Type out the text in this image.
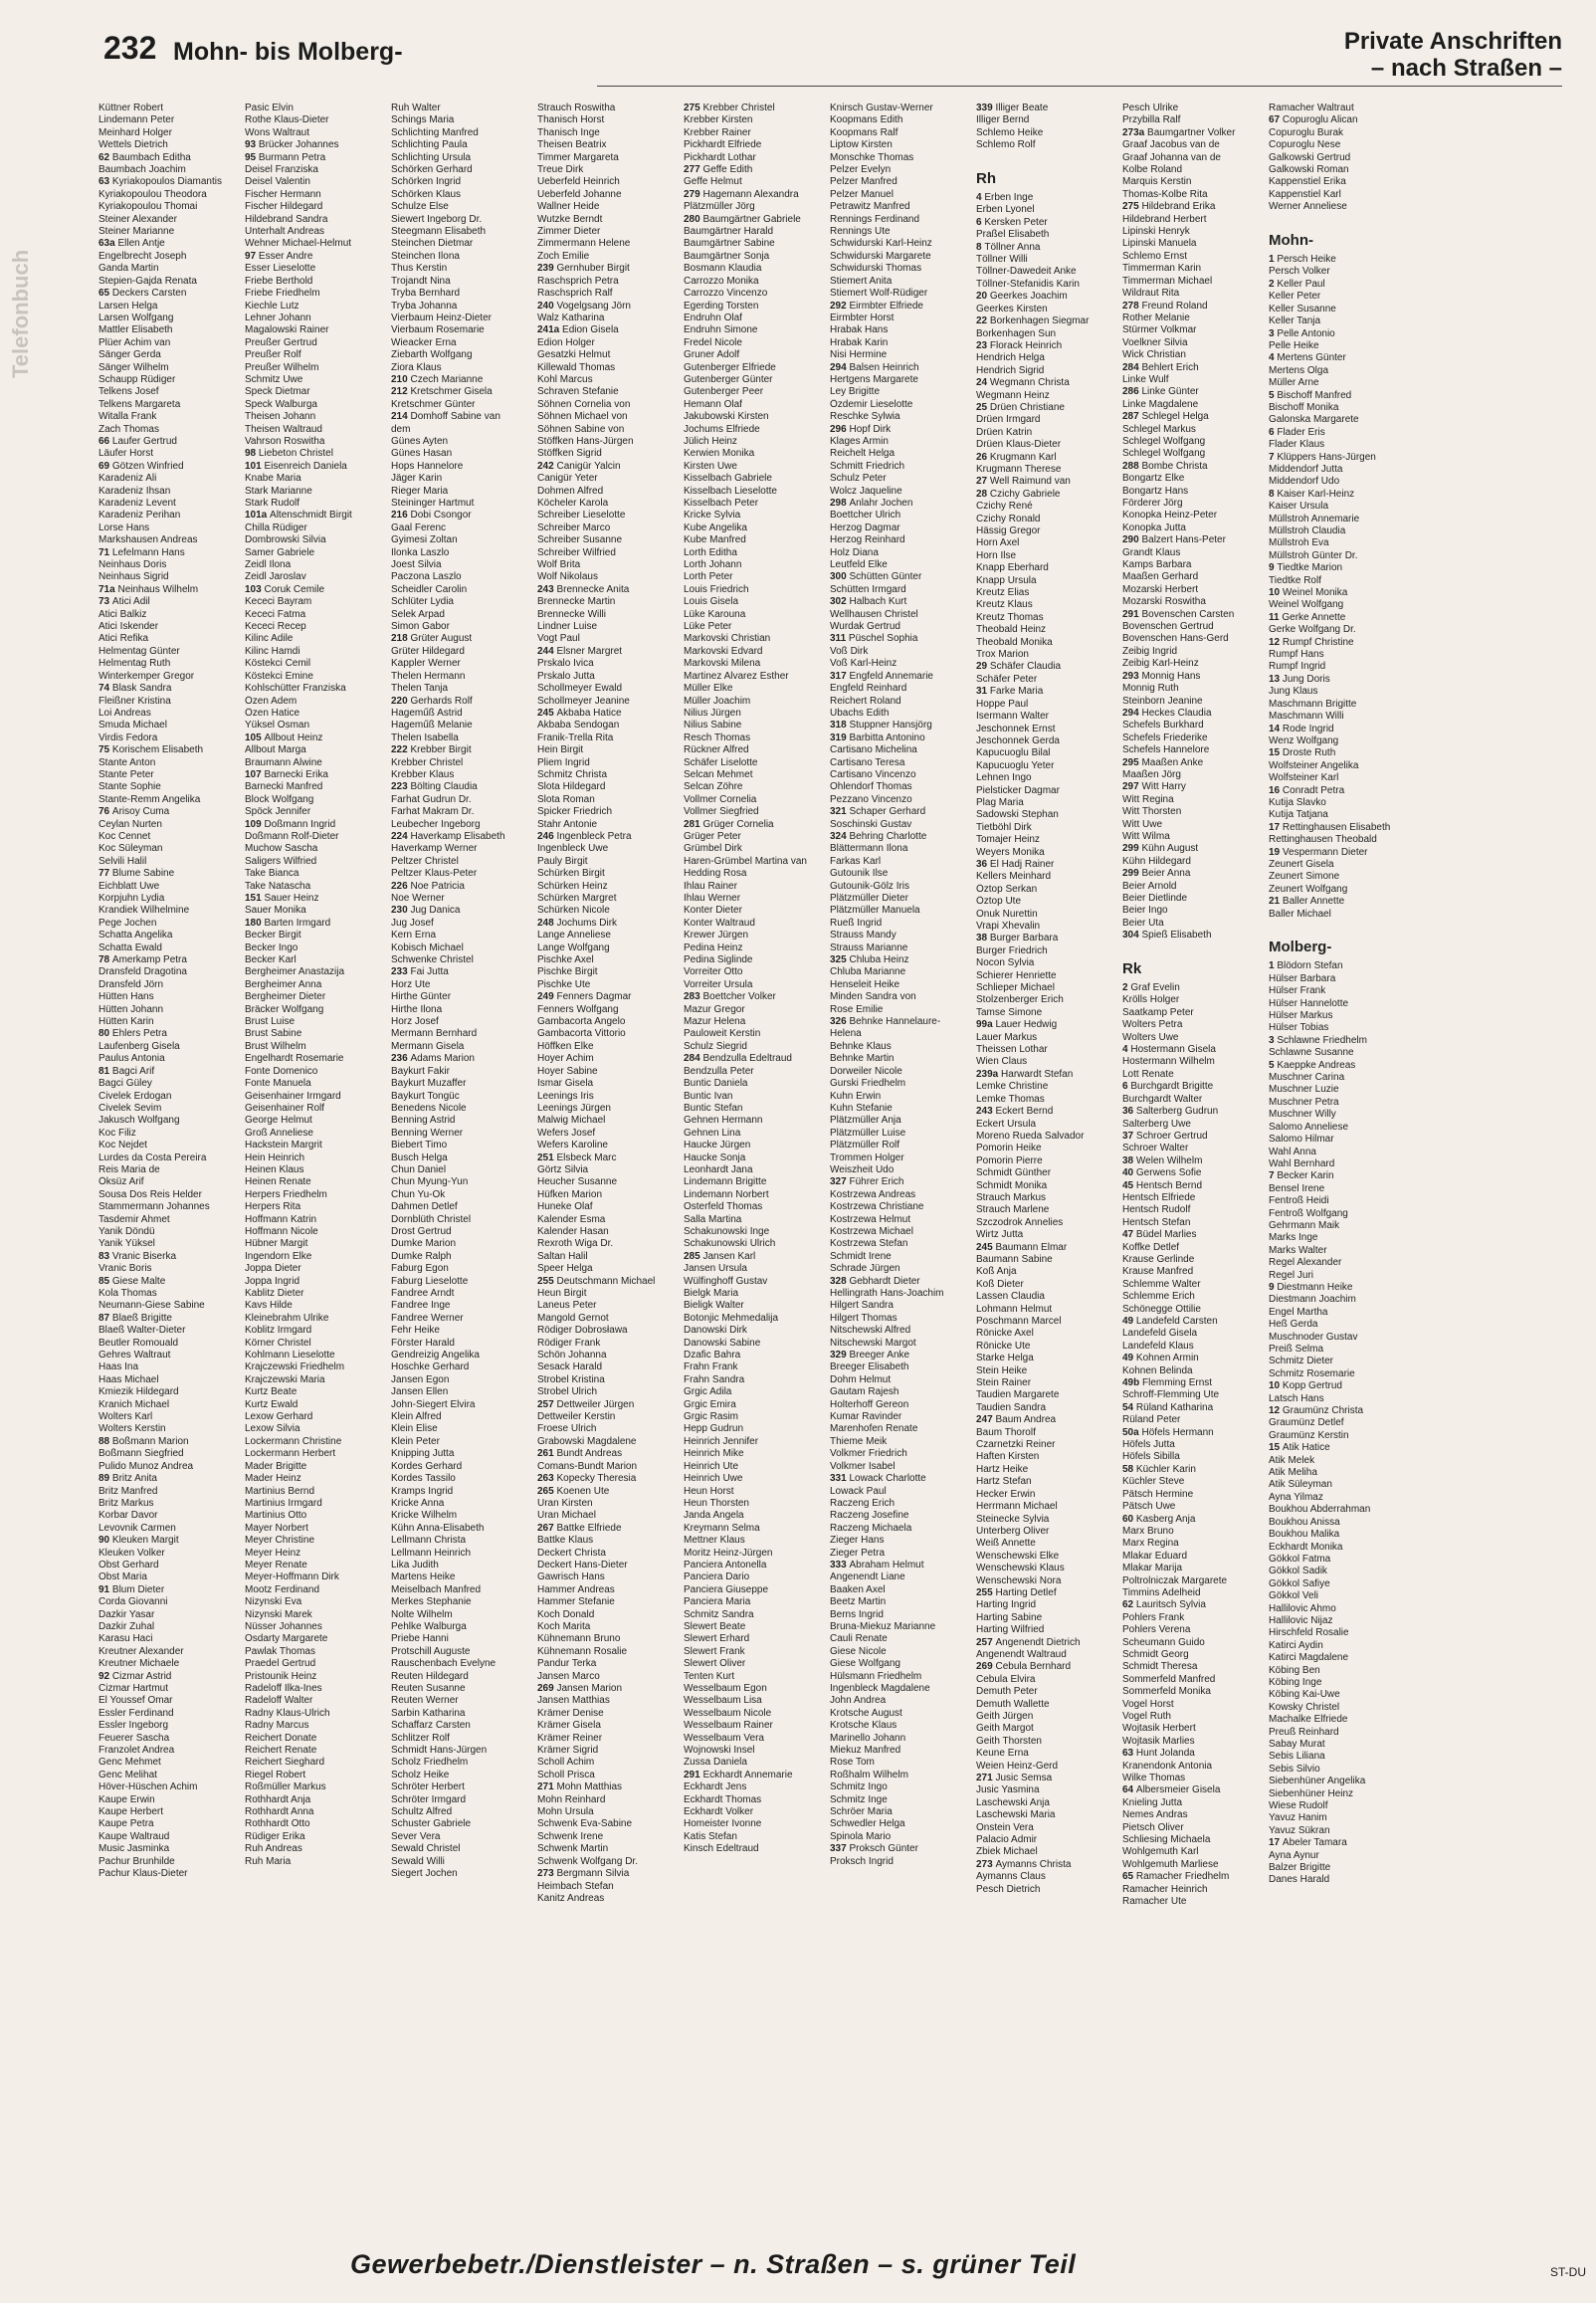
232 Mohn- bis Molberg-	Private Anschriften
– nach Straßen –
Telefonbuch
Küttner Robert
Lindemann Peter
Meinhard Holger
Wettels Dietrich
62 Baumbach Editha
Baumbach Joachim
63 Kyriakopoulos Diamantis
Kyriakopoulou Theodora
Kyriakopoulou Thomai
Steiner Alexander
Steiner Marianne
63a Ellen Antje
Engelbrecht Joseph
Ganda Martin
Stepien-Gajda Renata
65 Deckers Carsten
Larsen Helga
Larsen Wolfgang
Mattler Elisabeth
Plüer Achim van
Sänger Gerda
Sänger Wilhelm
Schaupp Rüdiger
Telkens Josef
Telkens Margareta
Witalla Frank
Zach Thomas
66 Laufer Gertrud
Läufer Horst
69 Götzen Winfried
Karadeniz Ali
Karadeniz Ihsan
Karadeniz Levent
Karadeniz Perihan
Lorse Hans
Markshausen Andreas
71 Lefelmann Hans
Neinhaus Doris
Neinhaus Sigrid
71a Neinhaus Wilhelm
73 Atici Adil
Atici Balkiz
Atici Iskender
Atici Refika
Helmentag Günter
Helmentag Ruth
Winterkemper Gregor
74 Blask Sandra
Fleißner Kristina
Loi Andreas
Smuda Michael
Virdis Fedora
75 Korischem Elisabeth
Stante Anton
Stante Peter
Stante Sophie
Stante-Remm Angelika
76 Arisoy Cuma
Ceylan Nurten
Koc Cennet
Koc Süleyman
Selvili Halil
77 Blume Sabine
Eichblatt Uwe
Korpjuhn Lydia
Krandiek Wilhelmine
Pege Jochen
Schatta Angelika
Schatta Ewald
78 Amerkamp Petra
Dransfeld Dragotina
Dransfeld Jörn
Hütten Hans
Hütten Johann
Hütten Karin
80 Ehlers Petra
Laufenberg Gisela
Paulus Antonia
81 Bagci Arif
Bagci Güley
Civelek Erdogan
Civelek Sevim
Jakusch Wolfgang
Koc Filiz
Koc Nejdet
Lurdes da Costa Pereira
Reis Maria de
Öksüz Arif
Sousa Dos Reis Helder
Stammermann Johannes
Tasdemir Ahmet
Yanik Döndü
Yanik Yüksel
83 Vranic Biserka
Vranic Boris
85 Giese Malte
Kola Thomas
Neumann-Giese Sabine
87 Blaeß Brigitte
Blaeß Walter-Dieter
Beutler Romouald
Gehres Waltraut
Haas Ina
Haas Michael
Kmiezik Hildegard
Kranich Michael
Wolters Karl
Wolters Kerstin
88 Boßmann Marion
Boßmann Siegfried
Pulido Munoz Andrea
89 Britz Anita
Britz Manfred
Britz Markus
Korbar Davor
Levovnik Carmen
90 Kleuken Margit
Kleuken Volker
Obst Gerhard
Obst Maria
91 Blum Dieter
Corda Giovanni
Dazkir Yasar
Dazkir Zuhal
Karasu Haci
Kreutner Alexander
Kreutner Michaele
92 Cizmar Astrid
Cizmar Hartmut
El Youssef Omar
Essler Ferdinand
Essler Ingeborg
Feuerer Sascha
Franzolet Andrea
Genc Mehmet
Genc Melihat
Höver-Hüschen Achim
Kaupe Erwin
Kaupe Herbert
Kaupe Petra
Kaupe Waltraud
Music Jasminka
Pachur Brunhilde
Pachur Klaus-Dieter
Pasic Elvin
Rothe Klaus-Dieter
Wons Waltraut
93 Brücker Johannes
95 Burmann Petra
Deisel Franziska
Deisel Valentin
Fischer Hermann
Fischer Hildegard
Hildebrand Sandra
Unterhalt Andreas
Wehner Michael-Helmut
97 Esser Andre
Esser Lieselotte
Friebe Berthold
Friebe Friedhelm
Kiechle Lutz
Lehner Johann
Magalowski Rainer
Preußer Gertrud
Preußer Rolf
Preußer Wilhelm
Schmitz Uwe
Speck Dietmar
Speck Walburga
Theisen Johann
Theisen Waltraud
Vahrson Roswitha
98 Liebeton Christel
101 Eisenreich Daniela
Knabe Maria
Stark Marianne
Stark Rudolf
101a Altenschmidt Birgit
Chilla Rüdiger
Dombrowski Silvia
Samer Gabriele
Zeidl Ilona
Zeidl Jaroslav
103 Coruk Cemile
Kececi Bayram
Kececi Fatma
Kececi Recep
Kilinc Adile
Kilinc Hamdi
Köstekci Cemil
Köstekci Emine
Kohlschütter Franziska
Özen Adem
Özen Hatice
Yüksel Osman
105 Allbout Heinz
Allbout Marga
Braumann Alwine
107 Barnecki Erika
Barnecki Manfred
Block Wolfgang
Spöck Jennifer
109 Doßmann Ingrid
Doßmann Rolf-Dieter
Muchow Sascha
Saligers Wilfried
Take Bianca
Take Natascha
151 Sauer Heinz
Sauer Monika
180 Barten Irmgard
Becker Birgit
Becker Ingo
Becker Karl
Bergheimer Anastazija
Bergheimer Anna
Bergheimer Dieter
Bräcker Wolfgang
Brust Luise
Brust Sabine
Brust Wilhelm
Engelhardt Rosemarie
Fonte Domenico
Fonte Manuela
Geisenhainer Irmgard
Geisenhainer Rolf
George Helmut
Groß Anneliese
Hackstein Margrit
Hein Heinrich
Heinen Klaus
Heinen Renate
Herpers Friedhelm
Herpers Rita
Hoffmann Katrin
Hoffmann Nicole
Hübner Margit
Ingendorn Elke
Joppa Dieter
Joppa Ingrid
Kablitz Dieter
Kavs Hilde
Kleinebrahm Ulrike
Koblitz Irmgard
Körner Christel
Kohlmann Lieselotte
Krajczewski Friedhelm
Krajczewski Maria
Kurtz Beate
Kurtz Ewald
Lexow Gerhard
Lexow Silvia
Lockermann Christine
Lockermann Herbert
Mader Brigitte
Mader Heinz
Martinius Bernd
Martinius Irmgard
Martinius Otto
Mayer Norbert
Meyer Christine
Meyer Heinz
Meyer Renate
Meyer-Hoffmann Dirk
Mootz Ferdinand
Nizynski Eva
Nizynski Marek
Nüsser Johannes
Osdarty Margarete
Pawlak Thomas
Praedel Gertrud
Pristounik Heinz
Radeloff Ilka-Ines
Radeloff Walter
Radny Klaus-Ulrich
Radny Marcus
Reichert Donate
Reichert Renate
Reichert Sieghard
Riegel Robert
Roßmüller Markus
Rothhardt Anja
Rothhardt Anna
Rothhardt Otto
Rüdiger Erika
Ruh Andreas
Ruh Maria
Ruh Walter
Schings Maria
Schlichting Manfred
Schlichting Paula
Schlichting Ursula
Schörken Gerhard
Schörken Ingrid
Schörken Klaus
Schulze Else
Siewert Ingeborg Dr.
Steegmann Elisabeth
Steinchen Dietmar
Steinchen Ilona
Thus Kerstin
Trojandt Nina
Tryba Bernhard
Tryba Johanna
Vierbaum Heinz-Dieter
Vierbaum Rosemarie
Wieacker Erna
Ziebarth Wolfgang
Ziora Klaus
210 Czech Marianne
212 Kretschmer Gisela
Kretschmer Günter
214 Domhoff Sabine van
dem
Günes Ayten
Günes Hasan
Hops Hannelore
Jäger Karin
Rieger Maria
Steininger Hartmut
216 Dobi Csongor
Gaal Ferenc
Gyimesi Zoltan
Ilonka Laszlo
Joest Silvia
Paczona Laszlo
Scheidler Carolin
Schlüter Lydia
Selek Arpad
Simon Gabor
218 Grüter August
Grüter Hildegard
Kappler Werner
Thelen Hermann
Thelen Tanja
220 Gerhards Rolf
Hageműß Astrid
Hageműß Melanie
Thelen Isabella
222 Krebber Birgit
Krebber Christel
Krebber Klaus
223 Bölting Claudia
Farhat Gudrun Dr.
Farhat Makram Dr.
Leubecher Ingeborg
224 Haverkamp Elisabeth
Haverkamp Werner
Peltzer Christel
Peltzer Klaus-Peter
226 Noe Patricia
Noe Werner
230 Jug Danica
Jug Josef
Kern Erna
Kobisch Michael
Schwenke Christel
233 Fai Jutta
Horz Ute
Hirthe Günter
Hirthe Ilona
Horz Josef
Mermann Bernhard
Mermann Gisela
236 Adams Marion
Baykurt Fakir
Baykurt Muzaffer
Baykurt Tongüc
Benedens Nicole
Benning Astrid
Benning Werner
Biebert Timo
Busch Helga
Chun Daniel
Chun Myung-Yun
Chun Yu-Ok
Dahmen Detlef
Dornblüth Christel
Drost Gertrud
Dumke Marion
Dumke Ralph
Faburg Egon
Faburg Lieselotte
Fandree Arndt
Fandree Inge
Fandree Werner
Fehr Heike
Förster Harald
Gendreizig Angelika
Hoschke Gerhard
Jansen Egon
Jansen Ellen
John-Siegert Elvira
Klein Alfred
Klein Elise
Klein Peter
Knipping Jutta
Kordes Gerhard
Kordes Tassilo
Kramps Ingrid
Kricke Anna
Kricke Wilhelm
Kühn Anna-Elisabeth
Lellmann Christa
Lellmann Heinrich
Lika Judith
Martens Heike
Meiselbach Manfred
Merkes Stephanie
Nolte Wilhelm
Pehlke Walburga
Priebe Hanni
Protschill Auguste
Rauschenbach Evelyne
Reuten Hildegard
Reuten Susanne
Reuten Werner
Sarbin Katharina
Schaffarz Carsten
Schlitzer Rolf
Schmidt Hans-Jürgen
Scholz Friedhelm
Scholz Heike
Schröter Herbert
Schröter Irmgard
Schultz Alfred
Schuster Gabriele
Sever Vera
Sewald Christel
Sewald Willi
Siegert Jochen
Strauch Roswitha
Thanisch Horst
Thanisch Inge
Theisen Beatrix
Timmer Margareta
Treue Dirk
Ueberfeld Heinrich
Ueberfeld Johanne
Wallner Heide
Wutzke Berndt
Zimmer Dieter
Zimmermann Helene
Zoch Emilie
239 Gernhuber Birgit
Raschsprich Petra
Raschsprich Ralf
240 Vogelgsang Jörn
Walz Katharina
241a Edion Gisela
Edion Holger
Gesatzki Helmut
Killewald Thomas
Kohl Marcus
Schraven Stefanie
Söhnen Cornelia von
Söhnen Michael von
Söhnen Sabine von
Stöffken Hans-Jürgen
Stöffken Sigrid
242 Canigür Yalcin
Canigür Yeter
Dohmen Alfred
Köcheler Karola
Schreiber Lieselotte
Schreiber Marco
Schreiber Susanne
Schreiber Wilfried
Wolf Brita
Wolf Nikolaus
243 Brennecke Anita
Brennecke Martin
Brennecke Willi
Lindner Luise
Vogt Paul
244 Elsner Margret
Prskalo Ivica
Prskalo Jutta
Schollmeyer Ewald
Schollmeyer Jeanine
245 Akbaba Hatice
Akbaba Sendogan
Franik-Trella Rita
Hein Birgit
Pliem Ingrid
Schmitz Christa
Slota Hildegard
Slota Roman
Spicker Friedrich
Stahr Antonie
246 Ingenbleck Petra
Ingenbleck Uwe
Pauly Birgit
Schürken Birgit
Schürken Heinz
Schürken Margret
Schürken Nicole
248 Jochums Dirk
Lange Anneliese
Lange Wolfgang
Pischke Axel
Pischke Birgit
Pischke Ute
249 Fenners Dagmar
Fenners Wolfgang
Gambacorta Angelo
Gambacorta Vittorio
Höffken Elke
Hoyer Achim
Hoyer Sabine
Ismar Gisela
Leenings Iris
Leenings Jürgen
Malwig Michael
Wefers Josef
Wefers Karoline
251 Elsbeck Marc
Görtz Silvia
Heucher Susanne
Hüfken Marion
Huneke Olaf
Kalender Esma
Kalender Hasan
Rexroth Wiga Dr.
Saltan Halil
Speer Helga
255 Deutschmann Michael
Heun Birgit
Laneus Peter
Mangold Gernot
Rödiger Dobrosława
Rödiger Frank
Schön Johanna
Sesack Harald
Strobel Kristina
Strobel Ulrich
257 Dettweiler Jürgen
Dettweiler Kerstin
Froese Ulrich
Grabowski Magdalene
261 Bundt Andreas
Comans-Bundt Marion
263 Kopecky Theresia
265 Koenen Ute
Uran Kirsten
Uran Michael
267 Battke Elfriede
Battke Klaus
Deckert Christa
Deckert Hans-Dieter
Gawrisch Hans
Hammer Andreas
Hammer Stefanie
Koch Donald
Koch Marita
Kühnemann Bruno
Kühnemann Rosalie
Pandur Terka
Jansen Marco
269 Jansen Marion
Jansen Matthias
Krämer Denise
Krämer Gisela
Krämer Reiner
Krämer Sigrid
Scholl Achim
Scholl Prisca
271 Mohn Matthias
Mohn Reinhard
Mohn Ursula
Schwenk Eva-Sabine
Schwenk Irene
Schwenk Martin
Schwenk Wolfgang Dr.
273 Bergmann Silvia
Heimbach Stefan
Kanitz Andreas
275 Krebber Christel
Krebber Kirsten
Krebber Rainer
Pickhardt Elfriede
Pickhardt Lothar
277 Geffe Edith
Geffe Helmut
279 Hagemann Alexandra
Plätzmüller Jörg
280 Baumgärtner Gabriele
Baumgärtner Harald
Baumgärtner Sabine
Baumgärtner Sonja
Bosmann Klaudia
Carrozzo Monika
Carrozzo Vincenzo
Egerding Torsten
Endruhn Olaf
Endruhn Simone
Fredel Nicole
Gruner Adolf
Gutenberger Elfriede
Gutenberger Günter
Gutenberger Peer
Hemann Olaf
Jakubowski Kirsten
Jochums Elfriede
Jülich Heinz
Kerwien Monika
Kirsten Uwe
Kisselbach Gabriele
Kisselbach Lieselotte
Kisselbach Peter
Kricke Sylvia
Kube Angelika
Kube Manfred
Lorth Editha
Lorth Johann
Lorth Peter
Louis Friedrich
Louis Gisela
Lüke Karouna
Lüke Peter
Markovski Christian
Markovski Edvard
Markovski Milena
Martinez Alvarez Esther
Müller Elke
Müller Joachim
Nilius Jürgen
Nilius Sabine
Resch Thomas
Rückner Alfred
Schäfer Liselotte
Selcan Mehmet
Selcan Zöhre
Vollmer Cornelia
Vollmer Siegfried
281 Grüger Cornelia
Grüger Peter
Grümbel Dirk
Haren-Grümbel Martina van
Hedding Rosa
Ihlau Rainer
Ihlau Werner
Konter Dieter
Konter Waltraud
Krewer Jürgen
Pedina Heinz
Pedina Siglinde
Vorreiter Otto
Vorreiter Ursula
283 Boettcher Volker
Mazur Gregor
Mazur Helena
Pauloweit Kerstin
Schulz Siegrid
284 Bendzulla Edeltraud
Bendzulla Peter
Buntic Daniela
Buntic Ivan
Buntic Stefan
Gehnen Hermann
Gehnen Lina
Haucke Jürgen
Haucke Sonja
Leonhardt Jana
Lindemann Brigitte
Lindemann Norbert
Osterfeld Thomas
Salla Martina
Schakunowski Inge
Schakunowski Ulrich
285 Jansen Karl
Jansen Ursula
Wülfinghoff Gustav
Bielgk Maria
Bieligk Walter
Botonjic Mehmedalija
Danowski Dirk
Danowski Sabine
Dzafic Bahra
Frahn Frank
Frahn Sandra
Grgic Adila
Grgic Emira
Grgic Rasim
Hepp Gudrun
Heinrich Jennifer
Heinrich Mike
Heinrich Ute
Heinrich Uwe
Heun Horst
Heun Thorsten
Janda Angela
Kreymann Selma
Mettner Klaus
Moritz Heinz-Jürgen
Panciera Antonella
Panciera Dario
Panciera Giuseppe
Panciera Maria
Schmitz Sandra
Slewert Beate
Slewert Erhard
Slewert Frank
Slewert Oliver
Tenten Kurt
Wesselbaum Egon
Wesselbaum Lisa
Wesselbaum Nicole
Wesselbaum Rainer
Wesselbaum Vera
Wojnowski Insel
Zussa Daniela
291 Eckhardt Annemarie
Eckhardt Jens
Eckhardt Thomas
Eckhardt Volker
Homeister Ivonne
Katis Stefan
Kinsch Edeltraud
Knirsch Gustav-Werner
Koopmans Edith
Koopmans Ralf
Liptow Kirsten
Monschke Thomas
Pelzer Evelyn
Pelzer Manfred
Pelzer Manuel
Petrawitz Manfred
Rennings Ferdinand
Rennings Ute
Schwidurski Karl-Heinz
Schwidurski Margarete
Schwidurski Thomas
Stiemert Anita
Stiemert Wolf-Rüdiger
292 Eirmbter Elfriede
Eirmbter Horst
Hrabak Hans
Hrabak Karin
Nisi Hermine
294 Balsen Heinrich
Hertgens Margarete
Ley Brigitte
Özdemir Lieselotte
Reschke Sylwia
296 Hopf Dirk
Klages Armin
Reichelt Helga
Schmitt Friedrich
Schulz Peter
Wolcz Jaqueline
298 Anlahr Jochen
Boettcher Ulrich
Herzog Dagmar
Herzog Reinhard
Holz Diana
Leutfeld Elke
300 Schütten Günter
Schütten Irmgard
302 Halbach Kurt
Wellhausen Christel
Wurdak Gertrud
311 Püschel Sophia
Voß Dirk
Voß Karl-Heinz
317 Engfeld Annemarie
Engfeld Reinhard
Reichert Roland
Ubachs Edith
318 Stuppner Hansjörg
319 Barbitta Antonino
Cartisano Michelina
Cartisano Teresa
Cartisano Vincenzo
Ohlendorf Thomas
Pezzano Vincenzo
321 Schaper Gerhard
Soschinski Gustav
324 Behring Charlotte
Blättermann Ilona
Farkas Karl
Gutounik Ilse
Gutounik-Gölz Iris
Plätzmüller Dieter
Plätzmüller Manuela
Rueß Ingrid
Strauss Mandy
Strauss Marianne
325 Chluba Heinz
Chluba Marianne
Henseleit Heike
Minden Sandra von
Rose Emilie
326 Behnke Hannelaure-
Helena
Behnke Klaus
Behnke Martin
Dorweiler Nicole
Gurski Friedhelm
Kuhn Erwin
Kuhn Stefanie
Plätzmüller Anja
Plätzmüller Luise
Plätzmüller Rolf
Trommen Holger
Weiszheit Udo
327 Führer Erich
Kostrzewa Andreas
Kostrzewa Christiane
Kostrzewa Helmut
Kostrzewa Michael
Kostrzewa Stefan
Schmidt Irene
Schrade Jürgen
328 Gebhardt Dieter
Hellingrath Hans-Joachim
Hilgert Sandra
Hilgert Thomas
Nitschewski Alfred
Nitschewski Margot
329 Breeger Anke
Breeger Elisabeth
Dohm Helmut
Gautam Rajesh
Holterhoff Gereon
Kumar Ravinder
Marenhofen Renate
Thieme Meik
Volkmer Friedrich
Volkmer Isabel
331 Lowack Charlotte
Lowack Paul
Raczeng Erich
Raczeng Josefine
Raczeng Michaela
Zieger Hans
Zieger Petra
333 Abraham Helmut
Angenendt Liane
Baaken Axel
Beetz Martin
Berns Ingrid
Bruna-Miekuz Marianne
Cauli Renate
Giese Nicole
Giese Wolfgang
Hülsmann Friedhelm
Ingenbleck Magdalene
John Andrea
Krotsche August
Krotsche Klaus
Marinello Johann
Miekuz Manfred
Rose Tom
Roßhalm Wilhelm
Schmitz Ingo
Schmitz Inge
Schröer Maria
Schwedler Helga
Spinola Mario
337 Proksch Günter
Proksch Ingrid
339 Illiger Beate
Illiger Bernd
Schlemo Heike
Schlemo Rolf

Rh
4 Erben Inge
Erben Lyonel
6 Kersken Peter
Praßel Elisabeth
8 Töllner Anna
Töllner Willi
Töllner-Dawedeit Anke
Töllner-Stefanidis Karin
20 Geerkes Joachim
Geerkes Kirsten
22 Borkenhagen Siegmar
Borkenhagen Sun
23 Florack Heinrich
Hendrich Helga
Hendrich Sigrid
24 Wegmann Christa
Wegmann Heinz
25 Drüen Christiane
Drüen Irmgard
Drüen Katrin
Drüen Klaus-Dieter
26 Krugmann Karl
Krugmann Therese
27 Well Raimund van
28 Czichy Gabriele
Czichy René
Czichy Ronald
Hässig Gregor
Horn Axel
Horn Ilse
Knapp Eberhard
Knapp Ursula
Kreutz Elias
Kreutz Klaus
Kreutz Thomas
Theobald Heinz
Theobald Monika
Trox Marion
29 Schäfer Claudia
Schäfer Peter
31 Farke Maria
Hoppe Paul
Isermann Walter
Jeschonnek Ernst
Jeschonnek Gerda
Kapucuoglu Bilal
Kapucuoglu Yeter
Lehnen Ingo
Pielsticker Dagmar
Plag Maria
Sadowski Stephan
Tietböhl Dirk
Tomajer Heinz
Weyers Monika
36 El Hadj Rainer
Kellers Meinhard
Öztop Serkan
Öztop Ute
Onuk Nurettin
Vrapi Xhevalin
38 Burger Barbara
Burger Friedrich
Nocon Sylvia
Schierer Henriette
Schlieper Michael
Stolzenberger Erich
Tamse Simone
99a Lauer Hedwig
Lauer Markus
Theissen Lothar
Wien Claus
239a Harwardt Stefan
Lemke Christine
Lemke Thomas
243 Eckert Bernd
Eckert Ursula
Moreno Rueda Salvador
Pomorin Heike
Pomorin Pierre
Schmidt Günther
Schmidt Monika
Strauch Markus
Strauch Marlene
Szczodrok Annelies
Wirtz Jutta
245 Baumann Elmar
Baumann Sabine
Koß Anja
Koß Dieter
Lassen Claudia
Lohmann Helmut
Poschmann Marcel
Rönicke Axel
Rönicke Ute
Starke Helga
Stein Heike
Stein Rainer
Taudien Margarete
Taudien Sandra
247 Baum Andrea
Baum Thorolf
Czarnetzki Reiner
Haften Kirsten
Hartz Heike
Hartz Stefan
Hecker Erwin
Herrmann Michael
Steinecke Sylvia
Unterberg Oliver
Weiß Annette
Wenschewski Elke
Wenschewski Klaus
Wenschewski Nora
255 Harting Detlef
Harting Ingrid
Harting Sabine
Harting Wilfried
257 Angenendt Dietrich
Angenendt Waltraud
269 Cebula Bernhard
Cebula Elvira
Demuth Peter
Demuth Wallette
Geith Jürgen
Geith Margot
Geith Thorsten
Keune Erna
Weien Heinz-Gerd
271 Jusic Semsa
Jusic Yasmina
Laschewski Anja
Laschewski Maria
Onstein Vera
Palacio Admir
Zbiek Michael
273 Aymanns Christa
Aymanns Claus
Pesch Dietrich
Pesch Ulrike
Przybilla Ralf
273a Baumgartner Volker
Graaf Jacobus van de
Graaf Johanna van de
Kolbe Roland
Marquis Kerstin
Thomas-Kolbe Rita
275 Hildebrand Erika
Hildebrand Herbert
Lipinski Henryk
Lipinski Manuela
Schlemo Ernst
Timmerman Karin
Timmerman Michael
Wildraut Rita
278 Freund Roland
Rother Melanie
Stürmer Volkmar
Voelkner Silvia
Wick Christian
284 Behlert Erich
Linke Wulf
286 Linke Günter
Linke Magdalene
287 Schlegel Helga
Schlegel Markus
Schlegel Wolfgang
Schlegel Wolfgang
288 Bombe Christa
Bongartz Elke
Bongartz Hans
Förderer Jörg
Konopka Heinz-Peter
Konopka Jutta
290 Balzert Hans-Peter
Grandt Klaus
Kamps Barbara
Maaßen Gerhard
Mozarski Herbert
Mozarski Roswitha
291 Bovenschen Carsten
Bovenschen Gertrud
Bovenschen Hans-Gerd
Zeibig Ingrid
Zeibig Karl-Heinz
293 Monnig Hans
Monnig Ruth
Steinborn Jeanine
294 Heckes Claudia
Schefels Burkhard
Schefels Friederike
Schefels Hannelore
295 Maaßen Anke
Maaßen Jörg
297 Witt Harry
Witt Regina
Witt Thorsten
Witt Uwe
Witt Wilma
299 Kühn August
Kühn Hildegard
299 Beier Anna
Beier Arnold
Beier Dietlinde
Beier Ingo
Beier Uta
304 Spieß Elisabeth

Rk
2 Graf Evelin
Krölls Holger
Saatkamp Peter
Wolters Petra
Wolters Uwe
4 Hostermann Gisela
Hostermann Wilhelm
Lott Renate
6 Burchgardt Brigitte
Burchgardt Walter
36 Salterberg Gudrun
Salterberg Uwe
37 Schroer Gertrud
Schroer Walter
38 Welen Wilhelm
40 Gerwens Sofie
45 Hentsch Bernd
Hentsch Elfriede
Hentsch Rudolf
Hentsch Stefan
47 Büdel Marlies
Koffke Detlef
Krause Gerlinde
Krause Manfred
Schlemme Walter
Schlemme Erich
Schönegge Ottilie
49 Landefeld Carsten
Landefeld Gisela
Landefeld Klaus
49 Kohnen Armin
Kohnen Belinda
49b Flemming Ernst
Schroff-Flemming Ute
54 Rüland Katharina
Rüland Peter
50a Höfels Hermann
Höfels Jutta
Höfels Sibilla
58 Küchler Karin
Küchler Steve
Pätsch Hermine
Pätsch Uwe
60 Kasberg Anja
Marx Bruno
Marx Regina
Mlakar Eduard
Mlakar Marija
Poltrolniczak Margarete
Timmins Adelheid
62 Lauritsch Sylvia
Pohlers Frank
Pohlers Verena
Scheumann Guido
Schmidt Georg
Schmidt Theresa
Sommerfeld Manfred
Sommerfeld Monika
Vogel Horst
Vogel Ruth
Wojtasik Herbert
Wojtasik Marlies
63 Hunt Jolanda
Kranendonk Antonia
Wilke Thomas
64 Albersmeier Gisela
Knieling Jutta
Nemes Andras
Pietsch Oliver
Schliesing Michaela
Wohlgemuth Karl
Wohlgemuth Marliese
65 Ramacher Friedhelm
Ramacher Heinrich
Ramacher Ute
Ramacher Waltraut
67 Copuroglu Alican
Copuroglu Burak
Copuroglu Nese
Galkowski Gertrud
Galkowski Roman
Kappenstiel Erika
Kappenstiel Karl
Werner Anneliese

Mohn-
1 Persch Heike
Persch Volker
2 Keller Paul
Keller Peter
Keller Susanne
Keller Tanja
3 Pelle Antonio
Pelle Heike
4 Mertens Günter
Mertens Olga
Müller Arne
5 Bischoff Manfred
Bischoff Monika
Galonska Margarete
6 Flader Eris
Flader Klaus
7 Klüppers Hans-Jürgen
Middendorf Jutta
Middendorf Udo
8 Kaiser Karl-Heinz
Kaiser Ursula
Müllstroh Annemarie
Müllstroh Claudia
Müllstroh Eva
Müllstroh Günter Dr.
9 Tiedtke Marion
Tiedtke Rolf
10 Weinel Monika
Weinel Wolfgang
11 Gerke Annette
Gerke Wolfgang Dr.
12 Rumpf Christine
Rumpf Hans
Rumpf Ingrid
13 Jung Doris
Jung Klaus
Maschmann Brigitte
Maschmann Willi
14 Rode Ingrid
Wenz Wolfgang
15 Droste Ruth
Wolfsteiner Angelika
Wolfsteiner Karl
16 Conradt Petra
Kutija Slavko
Kutija Tatjana
17 Rettinghausen Elisabeth
Rettinghausen Theobald
19 Vespermann Dieter
Zeunert Gisela
Zeunert Simone
Zeunert Wolfgang
21 Baller Annette
Baller Michael

Molberg-
1 Blödorn Stefan
Hülser Barbara
Hülser Frank
Hülser Hannelotte
Hülser Markus
Hülser Tobias
3 Schlawne Friedhelm
Schlawne Susanne
5 Kaeppke Andreas
Muschner Carina
Muschner Luzie
Muschner Petra
Muschner Willy
Salomo Anneliese
Salomo Hilmar
Wahl Anna
Wahl Bernhard
7 Becker Karin
Bensel Irene
Fentroß Heidi
Fentroß Wolfgang
Gehrmann Maik
Marks Inge
Marks Walter
Regel Alexander
Regel Juri
9 Diestmann Heike
Diestmann Joachim
Engel Martha
Heß Gerda
Muschnoder Gustav
Preiß Selma
Schmitz Dieter
Schmitz Rosemarie
10 Kopp Gertrud
Latsch Hans
12 Graumünz Christa
Graumünz Detlef
Graumünz Kerstin
15 Atik Hatice
Atik Melek
Atik Meliha
Atik Süleyman
Ayna Yilmaz
Boukhou Abderrahman
Boukhou Anissa
Boukhou Malika
Eckhardt Monika
Gökkol Fatma
Gökkol Sadik
Gökkol Safiye
Gökkol Veli
Hallilovic Ahmo
Hallilovic Nijaz
Hirschfeld Rosalie
Katirci Aydin
Katirci Magdalene
Köbing Ben
Köbing Inge
Köbing Kai-Uwe
Kowsky Christel
Machalke Elfriede
Preuß Reinhard
Sabay Murat
Sebis Liliana
Sebis Silvio
Siebenhüner Angelika
Siebenhüner Heinz
Wiese Rudolf
Yavuz Hanim
Yavuz Sükran
17 Abeler Tamara
Ayna Aynur
Balzer Brigitte
Danes Harald
Gewerbebetr./Dienstleister – n. Straßen – s. grüner Teil	ST-DU
